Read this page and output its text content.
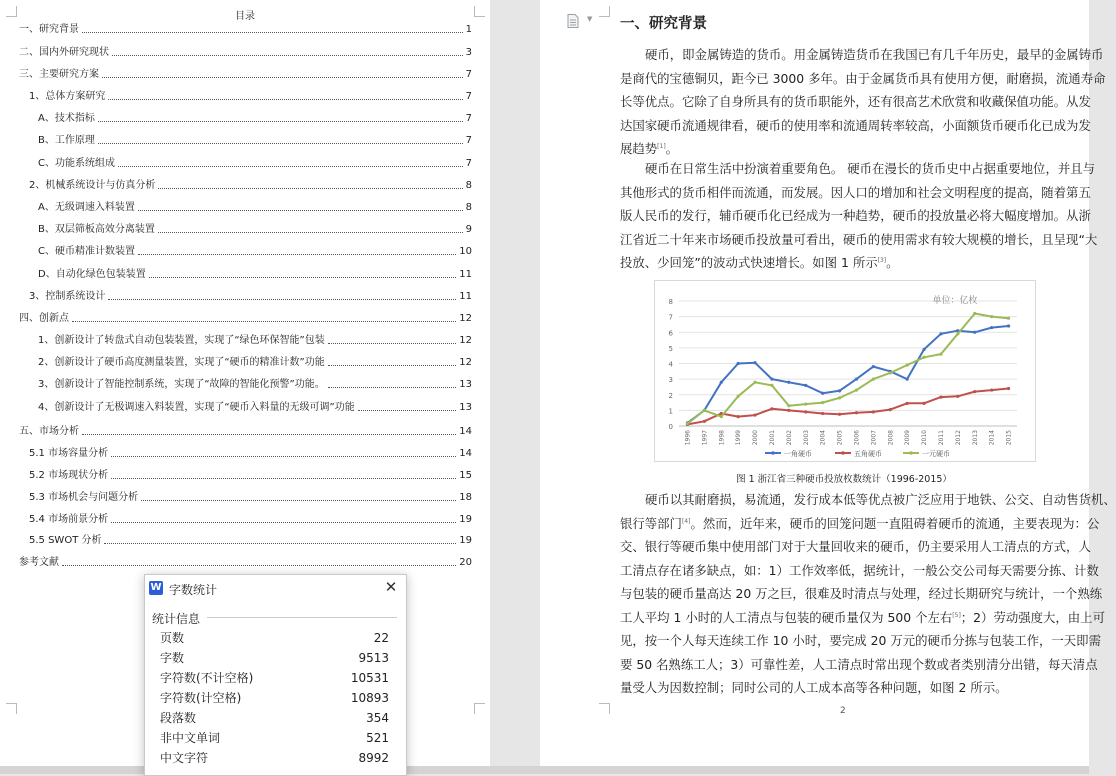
目录
一、研究背景	1
二、国内外研究现状	3
三、主要研究方案	7
1、总体方案研究	7
A、技术指标	7
B、工作原理	7
C、功能系统组成	7
2、机械系统设计与仿真分析	8
A、无级调速入料装置	8
B、双层筛板高效分离装置	9
C、硬币精准计数装置	10
D、自动化绿色包装装置	11
3、控制系统设计	11
四、创新点	12
1、创新设计了转盘式自动包装装置，实现了“绿色环保智能”包装	12
2、创新设计了硬币高度测量装置，实现了“硬币的精准计数”功能	12
3、创新设计了智能控制系统，实现了“故障的智能化预警”功能。	13
4、创新设计了无极调速入料装置，实现了“硬币入料量的无级可调”功能	13
五、市场分析	14
5.1 市场容量分析	14
5.2 市场现状分析	15
5.3 市场机会与问题分析	18
5.4 市场前景分析	19
5.5 SWOT 分析	19
参考文献	20
▼ 一、研究背景
硬币，即金属铸造的货币。用金属铸造货币在我国已有几千年历史，最早的金属铸币
是商代的宝德铜贝，距今已 3000 多年。由于金属货币具有使用方便，耐磨损，流通寿命
长等优点。它除了自身所具有的货币职能外，还有很高艺术欣赏和收藏保值功能。从发
达国家硬币流通规律看，硬币的使用率和流通周转率较高，小面额货币硬币化已成为发
展趋势[1]。
硬币在日常生活中扮演着重要角色。 硬币在漫长的货币史中占据重要地位，并且与
其他形式的货币相伴而流通，而发展。因人口的增加和社会文明程度的提高，随着第五
版人民币的发行，辅币硬币化已经成为一种趋势，硬币的投放量必将大幅度增加。从浙
江省近二十年来市场硬币投放量可看出，硬币的使用需求有较大规模的增长，且呈现“大
投放、少回笼”的波动式快速增长。如图 1 所示[3]。
0
1
2
3
4
5
6
7
8
1996 1997 1998 1999 2000 2001 2002 2003 2004 2005 2006 2007 2008 2009 2010 2011 2012 2013 2014 2015
单位：亿枚
一角硬币	五角硬币	一元硬币
图 1 浙江省三种硬币投放枚数统计（1996-2015）
硬币以其耐磨损，易流通，发行成本低等优点被广泛应用于地铁、公交、自动售货机、
银行等部门[4]。然而，近年来，硬币的回笼问题一直阻碍着硬币的流通，主要表现为：公
交、银行等硬币集中使用部门对于大量回收来的硬币，仍主要采用人工清点的方式，人
工清点存在诸多缺点，如：1）工作效率低，据统计，一般公交公司每天需要分拣、计数
与包装的硬币量高达 20 万之巨，很难及时清点与处理，经过长期研究与统计，一个熟练
工人平均 1 小时的人工清点与包装的硬币量仅为 500 个左右[5]；2）劳动强度大，由上可
见，按一个人每天连续工作 10 小时，要完成 20 万元的硬币分拣与包装工作，一天即需
要 50 名熟练工人；3）可靠性差，人工清点时常出现个数或者类别清分出错，每天清点
量受人为因数控制；同时公司的人工成本高等各种问题，如图 2 所示。
2
W 字数统计	✕
统计信息
页数	22
字数	9513
字符数(不计空格)	10531
字符数(计空格)	10893
段落数	354
非中文单词	521
中文字符	8992
